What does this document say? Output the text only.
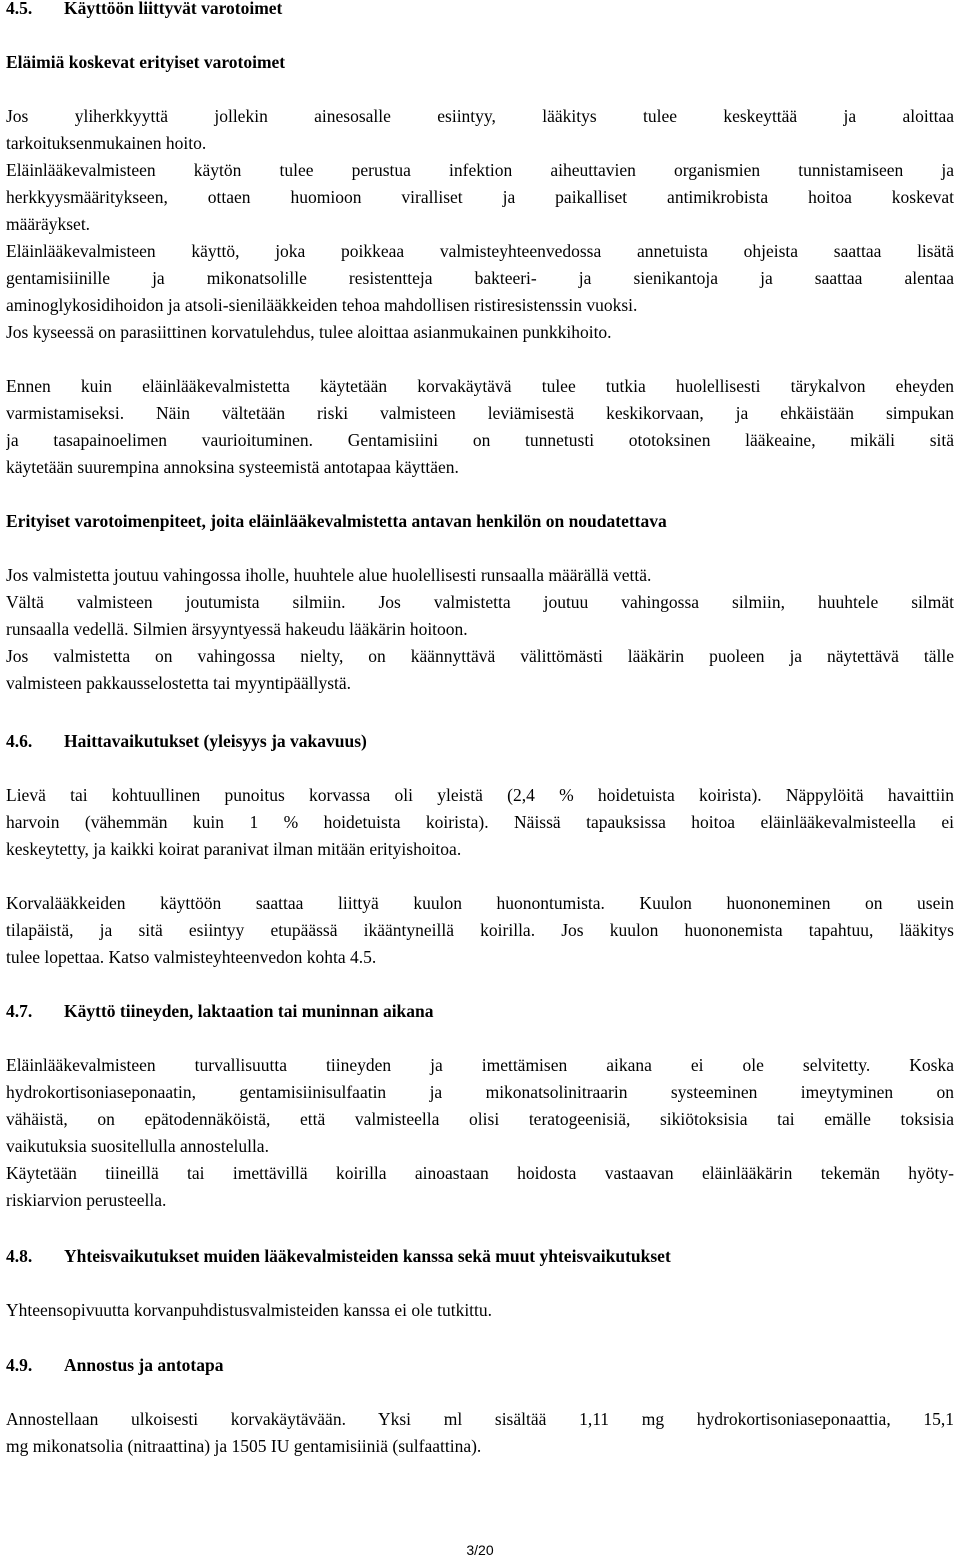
4.5. Käyttöön liittyvät varotoimet
Eläimiä koskevat erityiset varotoimet
Jos yliherkkyyttä jollekin ainesosalle esiintyy, lääkitys tulee keskeyttää ja aloittaa
tarkoituksenmukainen hoito.
Eläinlääkevalmisteen käytön tulee perustua infektion aiheuttavien organismien tunnistamiseen ja
herkkyysmääritykseen, ottaen huomioon viralliset ja paikalliset antimikrobista hoitoa koskevat
määräykset.
Eläinlääkevalmisteen käyttö, joka poikkeaa valmisteyhteenvedossa annetuista ohjeista saattaa lisätä
gentamisiinille ja mikonatsolille resistentteja bakteeri- ja sienikantoja ja saattaa alentaa
aminoglykosidihoidon ja atsoli-sienilääkkeiden tehoa mahdollisen ristiresistenssin vuoksi.
Jos kyseessä on parasiittinen korvatulehdus, tulee aloittaa asianmukainen punkkihoito.
Ennen kuin eläinlääkevalmistetta käytetään korvakäytävä tulee tutkia huolellisesti tärykalvon eheyden
varmistamiseksi. Näin vältetään riski valmisteen leviämisestä keskikorvaan, ja ehkäistään simpukan
ja tasapainoelimen vaurioituminen. Gentamisiini on tunnetusti ototoksinen lääkeaine, mikäli sitä
käytetään suurempina annoksina systeemistä antotapaa käyttäen.
Erityiset varotoimenpiteet, joita eläinlääkevalmistetta antavan henkilön on noudatettava
Jos valmistetta joutuu vahingossa iholle, huuhtele alue huolellisesti runsaalla määrällä vettä.
Vältä valmisteen joutumista silmiin. Jos valmistetta joutuu vahingossa silmiin, huuhtele silmät
runsaalla vedellä. Silmien ärsyyntyessä hakeudu lääkärin hoitoon.
Jos valmistetta on vahingossa nielty, on käännyttävä välittömästi lääkärin puoleen ja näytettävä tälle
valmisteen pakkausselostetta tai myyntipäällystä.
4.6. Haittavaikutukset (yleisyys ja vakavuus)
Lievä tai kohtuullinen punoitus korvassa oli yleistä (2,4 % hoidetuista koirista). Näppylöitä havaittiin
harvoin (vähemmän kuin 1 % hoidetuista koirista). Näissä tapauksissa hoitoa eläinlääkevalmisteella ei
keskeytetty, ja kaikki koirat paranivat ilman mitään erityishoitoa.
Korvalääkkeiden käyttöön saattaa liittyä kuulon huonontumista. Kuulon huononeminen on usein
tilapäistä, ja sitä esiintyy etupäässä ikääntyneillä koirilla. Jos kuulon huononemista tapahtuu, lääkitys
tulee lopettaa. Katso valmisteyhteenvedon kohta 4.5.
4.7. Käyttö tiineyden, laktaation tai muninnan aikana
Eläinlääkevalmisteen turvallisuutta tiineyden ja imettämisen aikana ei ole selvitetty. Koska
hydrokortisoniaseponaatin, gentamisiinisulfaatin ja mikonatsolinitraarin systeeminen imeytyminen on
vähäistä, on epätodennäköistä, että valmisteella olisi teratogeenisiä, sikiötoksisia tai emälle toksisia
vaikutuksia suositellulla annostelulla.
Käytetään tiineillä tai imettävillä koirilla ainoastaan hoidosta vastaavan eläinlääkärin tekemän hyöty-
riskiarvion perusteella.
4.8. Yhteisvaikutukset muiden lääkevalmisteiden kanssa sekä muut yhteisvaikutukset
Yhteensopivuutta korvanpuhdistusvalmisteiden kanssa ei ole tutkittu.
4.9. Annostus ja antotapa
Annostellaan ulkoisesti korvakäytävään. Yksi ml sisältää 1,11 mg hydrokortisoniaseponaattia, 15,1
mg mikonatsolia (nitraattina) ja 1505 IU gentamisiiniä (sulfaattina).
3/20
